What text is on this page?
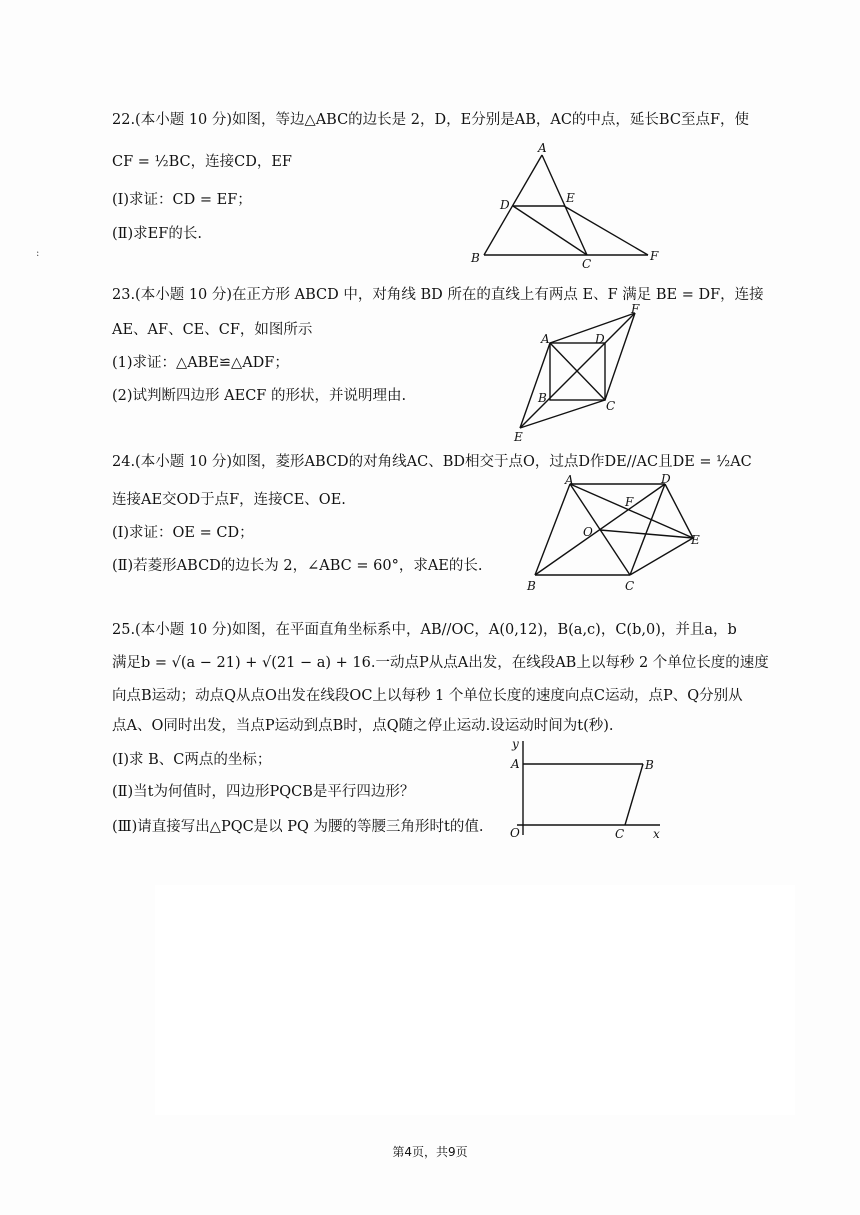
:
22.(本小题 10 分)如图，等边△ABC的边长是 2，D，E分别是AB，AC的中点，延长BC至点F，使
CF = ½BC，连接CD，EF
(Ⅰ)求证：CD = EF；
(Ⅱ)求EF的长.
A
B	C
D	E
F
23.(本小题 10 分)在正方形 ABCD 中，对角线 BD 所在的直线上有两点 E、F 满足 BE = DF，连接
AE、AF、CE、CF，如图所示
(1)求证：△ABE≌△ADF；
(2)试判断四边形 AECF 的形状，并说明理由.
A
B
C
D
E
F
24.(本小题 10 分)如图，菱形ABCD的对角线AC、BD相交于点O，过点D作DE//AC且DE = ½AC
连接AE交OD于点F，连接CE、OE.
(Ⅰ)求证：OE = CD；
(Ⅱ)若菱形ABCD的边长为 2，∠ABC = 60°，求AE的长.
A
B	C
D
E
F
O
25.(本小题 10 分)如图，在平面直角坐标系中，AB//OC，A(0,12)，B(a,c)，C(b,0)，并且a，b
满足b = √(a − 21) + √(21 − a) + 16.一动点P从点A出发，在线段AB上以每秒 2 个单位长度的速度
向点B运动；动点Q从点O出发在线段OC上以每秒 1 个单位长度的速度向点C运动，点P、Q分别从
点A、O同时出发，当点P运动到点B时，点Q随之停止运动.设运动时间为t(秒).
(Ⅰ)求 B、C两点的坐标；
(Ⅱ)当t为何值时，四边形PQCB是平行四边形？
(Ⅲ)请直接写出△PQC是以 PQ 为腰的等腰三角形时t的值.
y
A	B
O	C x
第4页，共9页
